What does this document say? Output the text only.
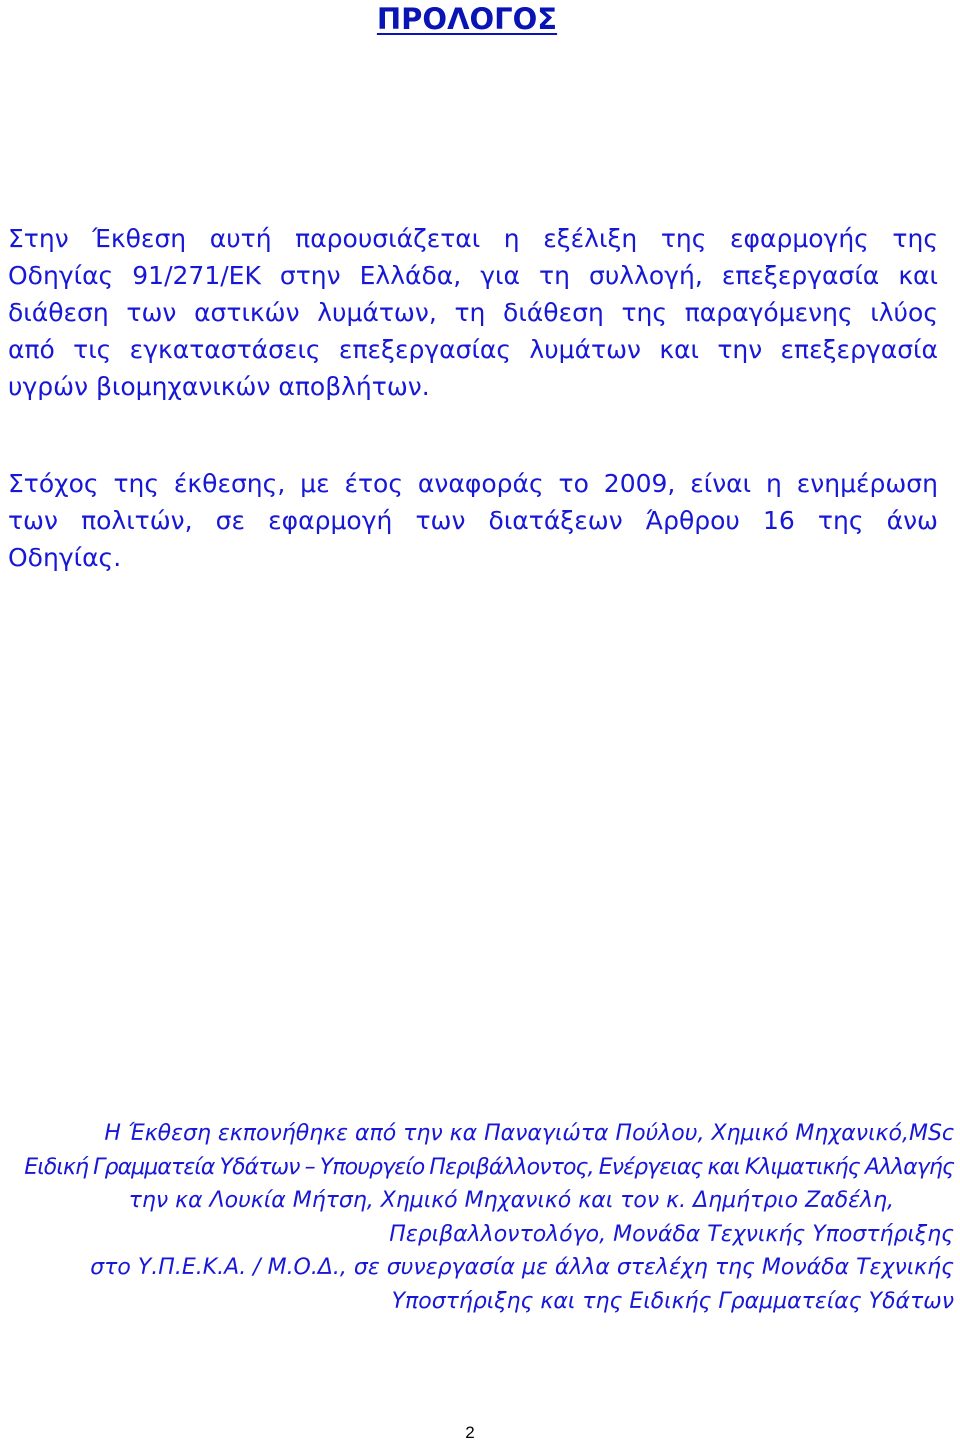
ΠΡΟΛΟΓΟΣ

Στην Έκθεση αυτή παρουσιάζεται η εξέλιξη της εφαρμογής της
Οδηγίας 91/271/ΕΚ στην Ελλάδα, για τη συλλογή, επεξεργασία και
διάθεση των αστικών λυμάτων, τη διάθεση της παραγόμενης ιλύος
από τις εγκαταστάσεις επεξεργασίας λυμάτων και την επεξεργασία
υγρών βιομηχανικών αποβλήτων.

Στόχος της έκθεσης, με έτος αναφοράς το 2009, είναι η ενημέρωση
των πολιτών, σε εφαρμογή των διατάξεων Άρθρου 16 της άνω
Οδηγίας.

Η Έκθεση εκπονήθηκε από την κα Παναγιώτα Πούλου, Χημικό Μηχανικό,MSc
Ειδική Γραμματεία Υδάτων – Υπουργείο Περιβάλλοντος, Ενέργειας και Κλιματικής Αλλαγής
την κα Λουκία Μήτση, Χημικό Μηχανικό και τον κ. Δημήτριο Ζαδέλη,
Περιβαλλοντολόγο, Μονάδα Τεχνικής Υποστήριξης
στο Υ.Π.Ε.Κ.Α. / Μ.Ο.Δ., σε συνεργασία με άλλα στελέχη της Μονάδα Τεχνικής
Υποστήριξης και της Ειδικής Γραμματείας Υδάτων
2
